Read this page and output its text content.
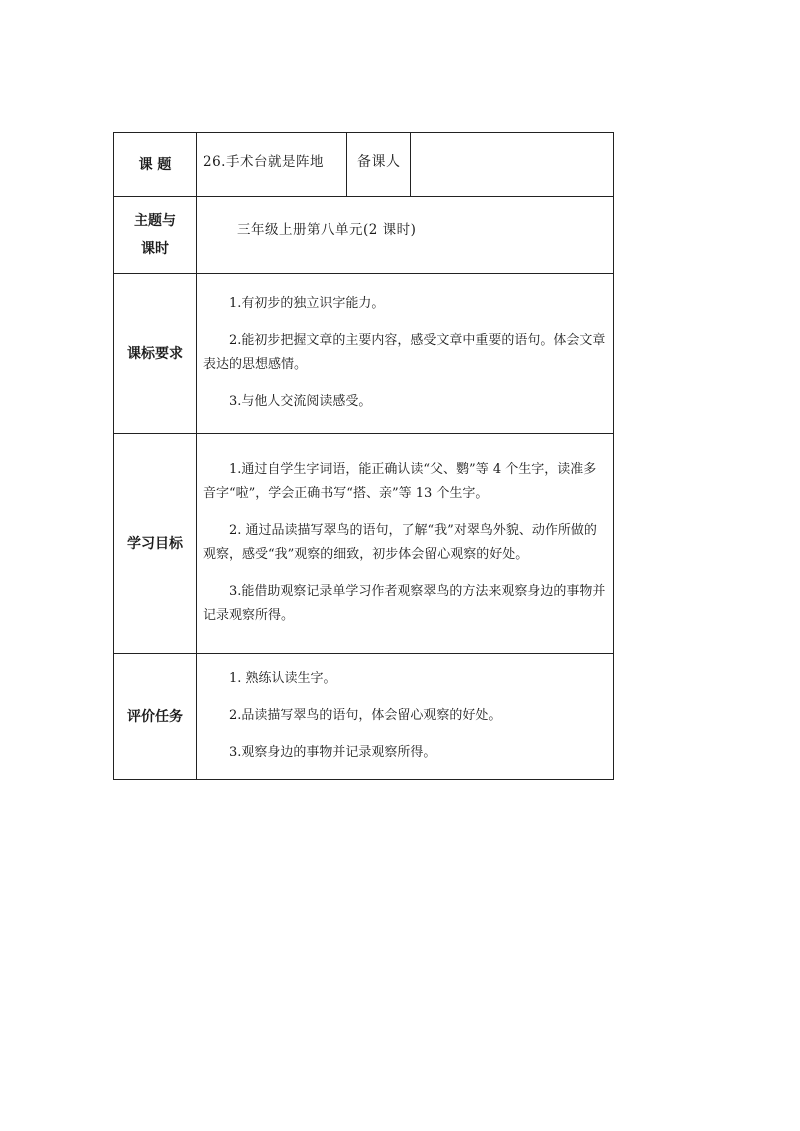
课 题	26.手术台就是阵地	备课人	

主题与
课时	三年级上册第八单元(2 课时)		
课标要求	1.有初步的独立识字能力。

2.能初步把握文章的主要内容，感受文章中重要的语句。体会文章表达的思想感情。

3.与他人交流阅读感受。		

学习目标	1.通过自学生字词语，能正确认读“父、鹦”等 4 个生字，读准多音字“啦”，学会正确书写“搭、亲”等 13 个生字。

2. 通过品读描写翠鸟的语句，了解“我”对翠鸟外貌、动作所做的观察，感受“我”观察的细致，初步体会留心观察的好处。

3.能借助观察记录单学习作者观察翠鸟的方法来观察身边的事物并记录观察所得。		

评价任务	1. 熟练认读生字。

2.品读描写翠鸟的语句，体会留心观察的好处。

3.观察身边的事物并记录观察所得。		
